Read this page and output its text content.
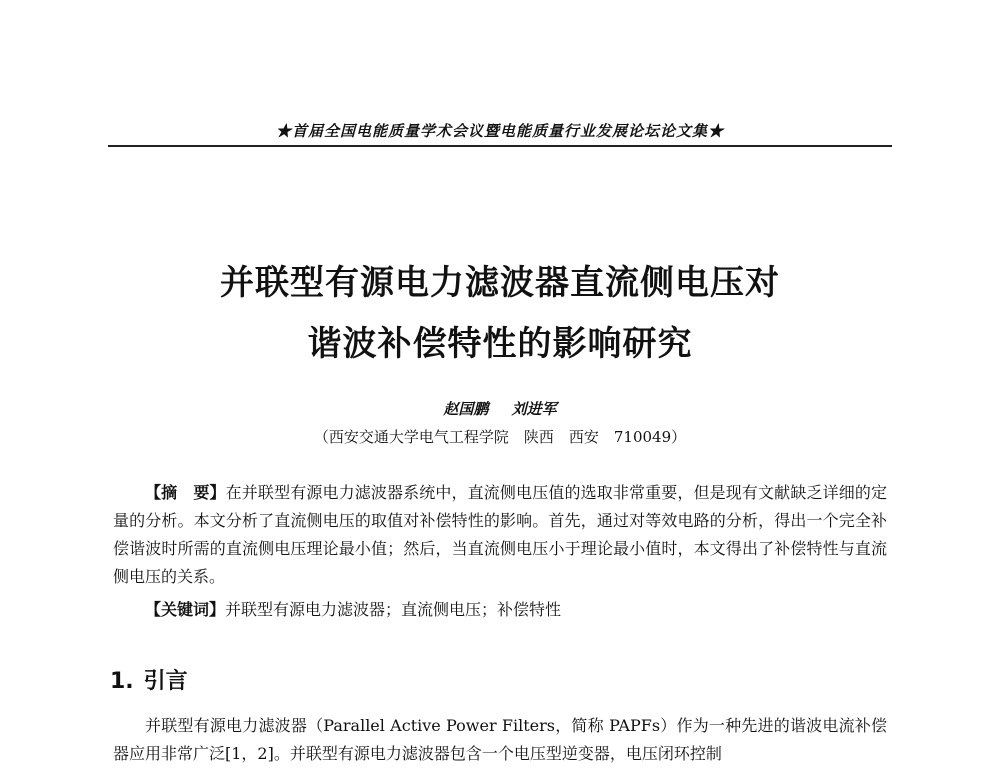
★首届全国电能质量学术会议暨电能质量行业发展论坛论文集★
并联型有源电力滤波器直流侧电压对
谐波补偿特性的影响研究
赵国鹏 刘进军
（西安交通大学电气工程学院　陕西　西安　710049）

【摘　要】在并联型有源电力滤波器系统中，直流侧电压值的选取非常重要，但是现有文献缺乏详细的定量的分析。本文分析了直流侧电压的取值对补偿特性的影响。首先，通过对等效电路的分析，得出一个完全补偿谐波时所需的直流侧电压理论最小值；然后，当直流侧电压小于理论最小值时，本文得出了补偿特性与直流侧电压的关系。

【关键词】并联型有源电力滤波器；直流侧电压；补偿特性

1. 引言

并联型有源电力滤波器（Parallel Active Power Filters，简称 PAPFs）作为一种先进的谐波电流补偿器应用非常广泛[1，2]。并联型有源电力滤波器包含一个电压型逆变器，电压闭环控制
